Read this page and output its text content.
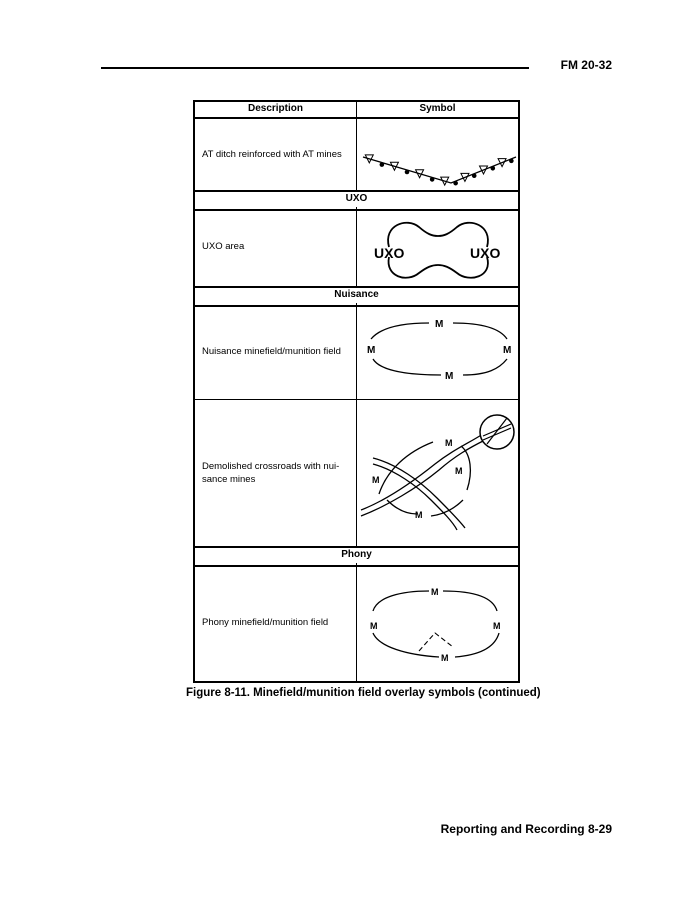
FM 20-32
Description	Symbol
AT ditch reinforced with AT mines
UXO
UXO area	UXO	UXO
Nuisance
Nuisance minefield/munition field
M
M	M
M
Demolished crossroads with nui-
sance mines
M
M
M
M
Phony
Phony minefield/munition field
M
M	M
M
Figure 8-11. Minefield/munition field overlay symbols (continued)
Reporting and Recording 8-29
